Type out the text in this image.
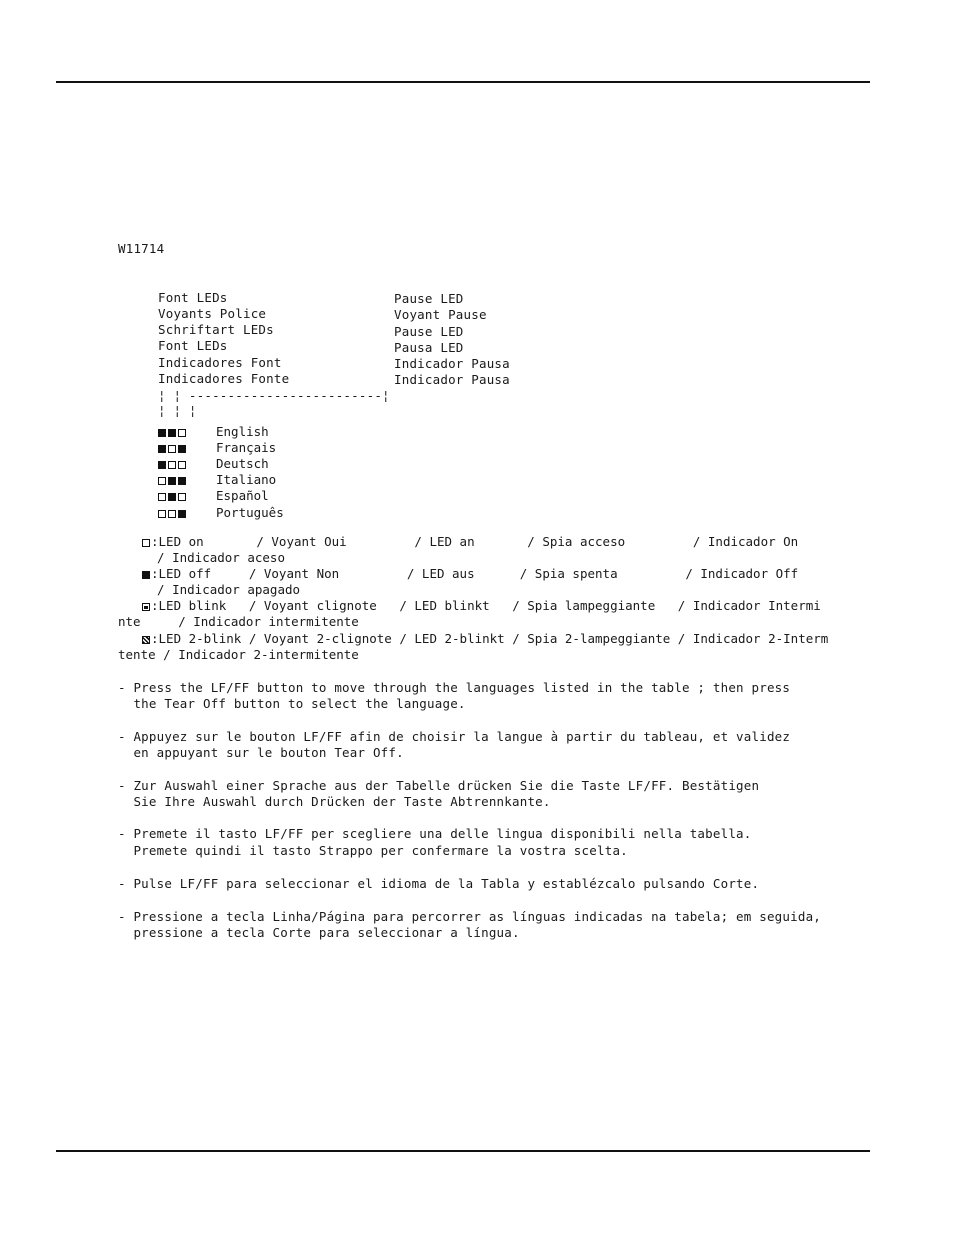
W11714
Font LEDs
Voyants Police
Schriftart LEDs
Font LEDs
Indicadores Font
Indicadores Fonte
Pause LED
Voyant Pause
Pause LED
Pausa LED
Indicador Pausa
Indicador Pausa
¦ ¦ -------------------------¦
¦ ¦ ¦
English
Français
Deutsch
Italiano
Español
Português
:LED on       / Voyant Oui         / LED an       / Spia acceso         / Indicador On
/ Indicador aceso
:LED off     / Voyant Non         / LED aus      / Spia spenta         / Indicador Off
/ Indicador apagado
:LED blink   / Voyant clignote   / LED blinkt   / Spia lampeggiante   / Indicador Intermi
nte     / Indicador intermitente
:LED 2-blink / Voyant 2-clignote / LED 2-blinkt / Spia 2-lampeggiante / Indicador 2-Interm
tente / Indicador 2-intermitente
- Press the LF/FF button to move through the languages listed in the table ; then press
the Tear Off button to select the language.
- Appuyez sur le bouton LF/FF afin de choisir la langue à partir du tableau, et validez
en appuyant sur le bouton Tear Off.
- Zur Auswahl einer Sprache aus der Tabelle drücken Sie die Taste LF/FF. Bestätigen
Sie Ihre Auswahl durch Drücken der Taste Abtrennkante.
- Premete il tasto LF/FF per scegliere una delle lingua disponibili nella tabella.
Premete quindi il tasto Strappo per confermare la vostra scelta.
- Pulse LF/FF para seleccionar el idioma de la Tabla y establézcalo pulsando Corte.
- Pressione a tecla Linha/Página para percorrer as línguas indicadas na tabela; em seguida,
pressione a tecla Corte para seleccionar a língua.
